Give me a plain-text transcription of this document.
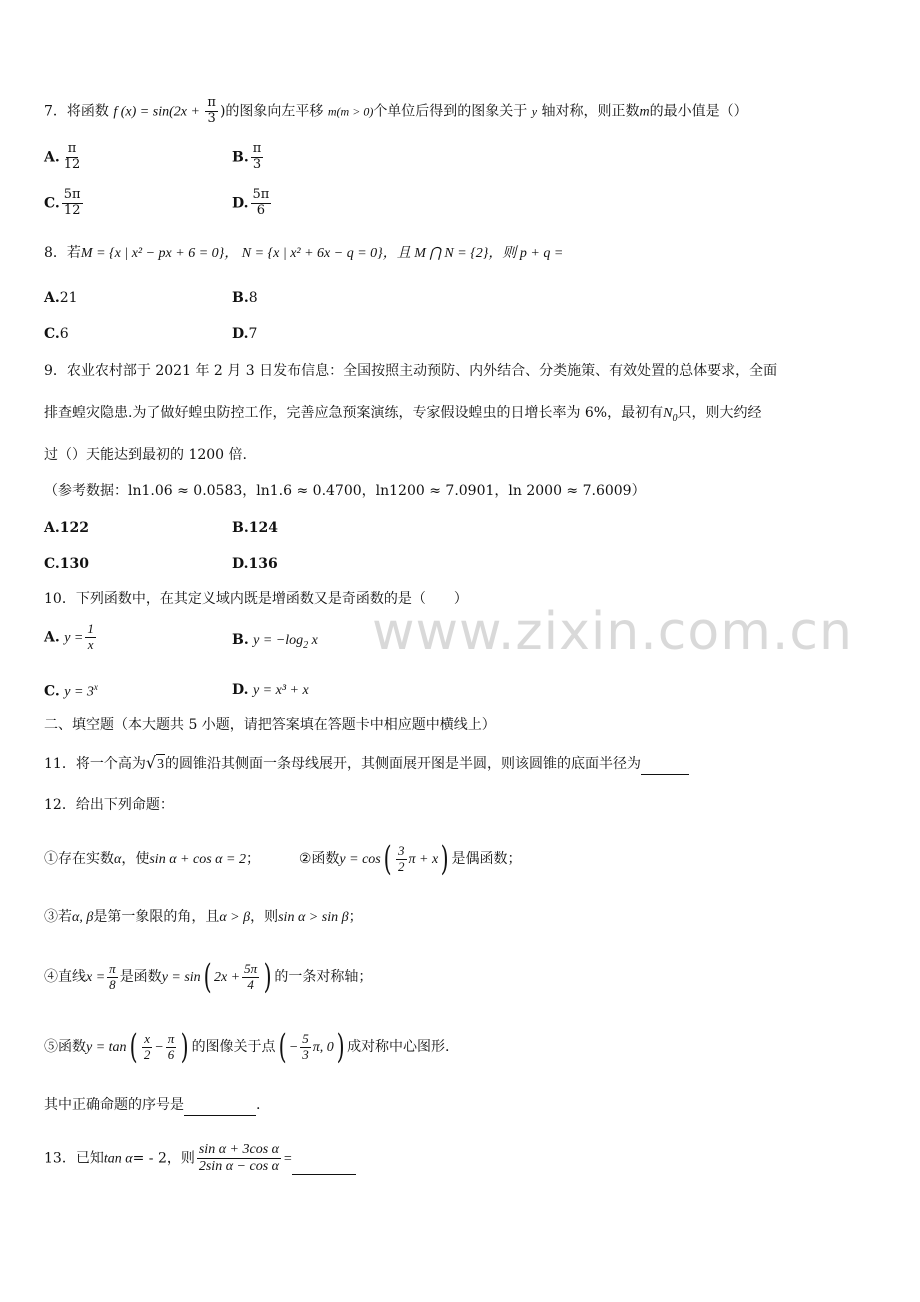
www.zixin.com.cn
7．将函数 f $(x) = \sin(2x + \frac{\pi}{3}$ )的图象向左平移 m(m > 0)个单位后得到的图象关于 y 轴对称，则正数m的最小值是（）
A. $\frac{\pi}{12}$	B. $\frac{\pi}{3}$
C. $\frac{5\pi}{12}$	D. $\frac{5\pi}{6}$
8．若M = {x | x² − px + 6 = 0}， N = {x | x² + 6x − q = 0}，且 M ⋂ N = {2}，则 p + q =
A.21	B.8
C.6	D.7
9．农业农村部于 2021 年 2 月 3 日发布信息：全国按照主动预防、内外结合、分类施策、有效处置的总体要求，全面
排查蝗灾隐患.为了做好蝗虫防控工作，完善应急预案演练，专家假设蝗虫的日增长率为 6%，最初有$N_0$只，则大约经
过（）天能达到最初的 1200 倍.
（参考数据：ln1.06 ≈ 0.0583，ln1.6 ≈ 0.4700，ln1200 ≈ 7.0901，ln 2000 ≈ 7.6009）
A.122	B.124
C.130	D.136
10．下列函数中，在其定义域内既是增函数又是奇函数的是（　　）
A. $y = \frac{1}{x}$	B. $y = -\log_2$ x
C. $y = 3^x$	D. y = x³ + x
二、填空题（本大题共 5 小题，请把答案填在答题卡中相应题中横线上）
11．将一个高为√3的圆锥沿其侧面一条母线展开，其侧面展开图是半圆，则该圆锥的底面半径为
12．给出下列命题：
①存在实数α，使sin α + cos α = 2；	②函数$y = \cos( \frac{3}{2}$ π + x) 是偶函数；
③若α, β是第一象限的角，且α > β，则sin α > sin β；
④直线$x = \frac{\pi}{8}$ 是函数y = sin( $2x + \frac{5\pi}{4}$ ) 的一条对称轴；
⑤函数$y = \tan( \frac{x}{2} - \frac{\pi}{6}$ ) 的图像关于点( − $\frac{5}{3} \pi$, 0) 成对称中心图形.
其中正确命题的序号是	.
13．已知tan α= - 2，则 $\frac{\text{sin α + 3cos α}}{\text{2sin α − cos α}}$ =
